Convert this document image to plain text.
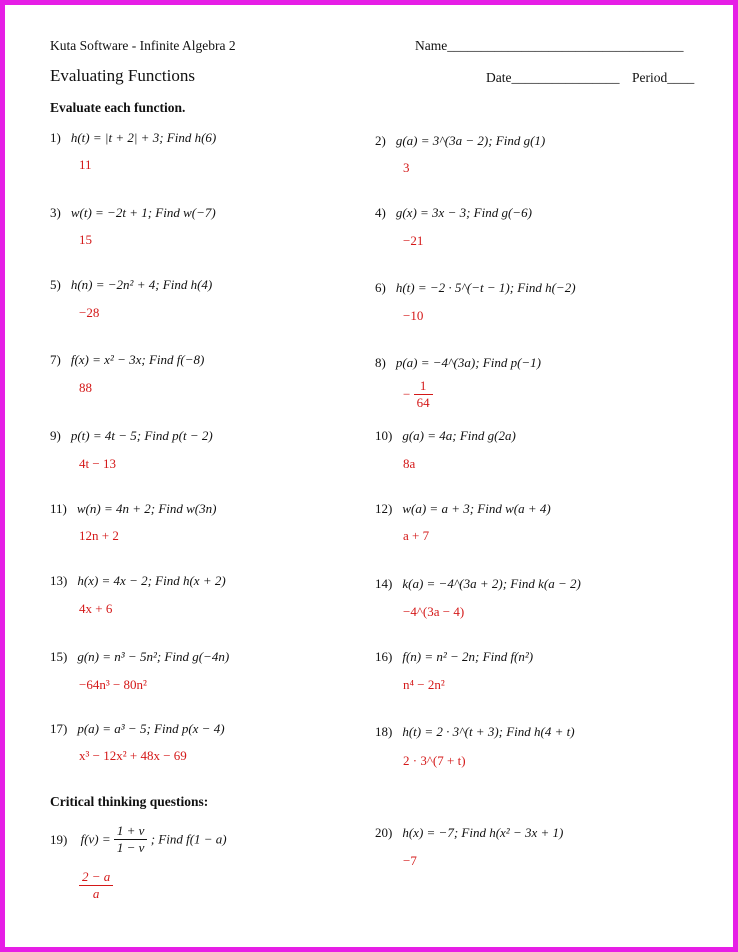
Kuta Software - Infinite Algebra 2	Name___________________________________
Evaluating Functions	Date________________ Period____
Evaluate each function.
1) h(t) = |t + 2| + 3; Find h(6)
11
3) w(t) = −2t + 1; Find w(−7)
15
5) h(n) = −2n² + 4; Find h(4)
−28
7) f(x) = x² − 3x; Find f(−8)
88
9) p(t) = 4t − 5; Find p(t − 2)
4t − 13
11) w(n) = 4n + 2; Find w(3n)
12n + 2
13) h(x) = 4x − 2; Find h(x + 2)
4x + 6
15) g(n) = n³ − 5n²; Find g(−4n)
−64n³ − 80n²
17) p(a) = a³ − 5; Find p(x − 4)
x³ − 12x² + 48x − 69
2) g(a) = 3^(3a − 2); Find g(1)
3
4) g(x) = 3x − 3; Find g(−6)
−21
6) h(t) = −2 · 5^(−t − 1); Find h(−2)
−10
8) p(a) = −4^(3a); Find p(−1)
− $\frac{1}{64}$
10) g(a) = 4a; Find g(2a)
8a
12) w(a) = a + 3; Find w(a + 4)
a + 7
14) k(a) = −4^(3a + 2); Find k(a − 2)
−4^(3a − 4)
16) f(n) = n² − 2n; Find f(n²)
n⁴ − 2n²
18) h(t) = 2 · 3^(t + 3); Find h(4 + t)
2 · 3^(7 + t)
Critical thinking questions:
19) $f(v) = \frac{1 + v}{1 - v}$ ; Find f(1 − a)
$\frac{2 - a}{a}$
20) h(x) = −7; Find h(x² − 3x + 1)
−7
